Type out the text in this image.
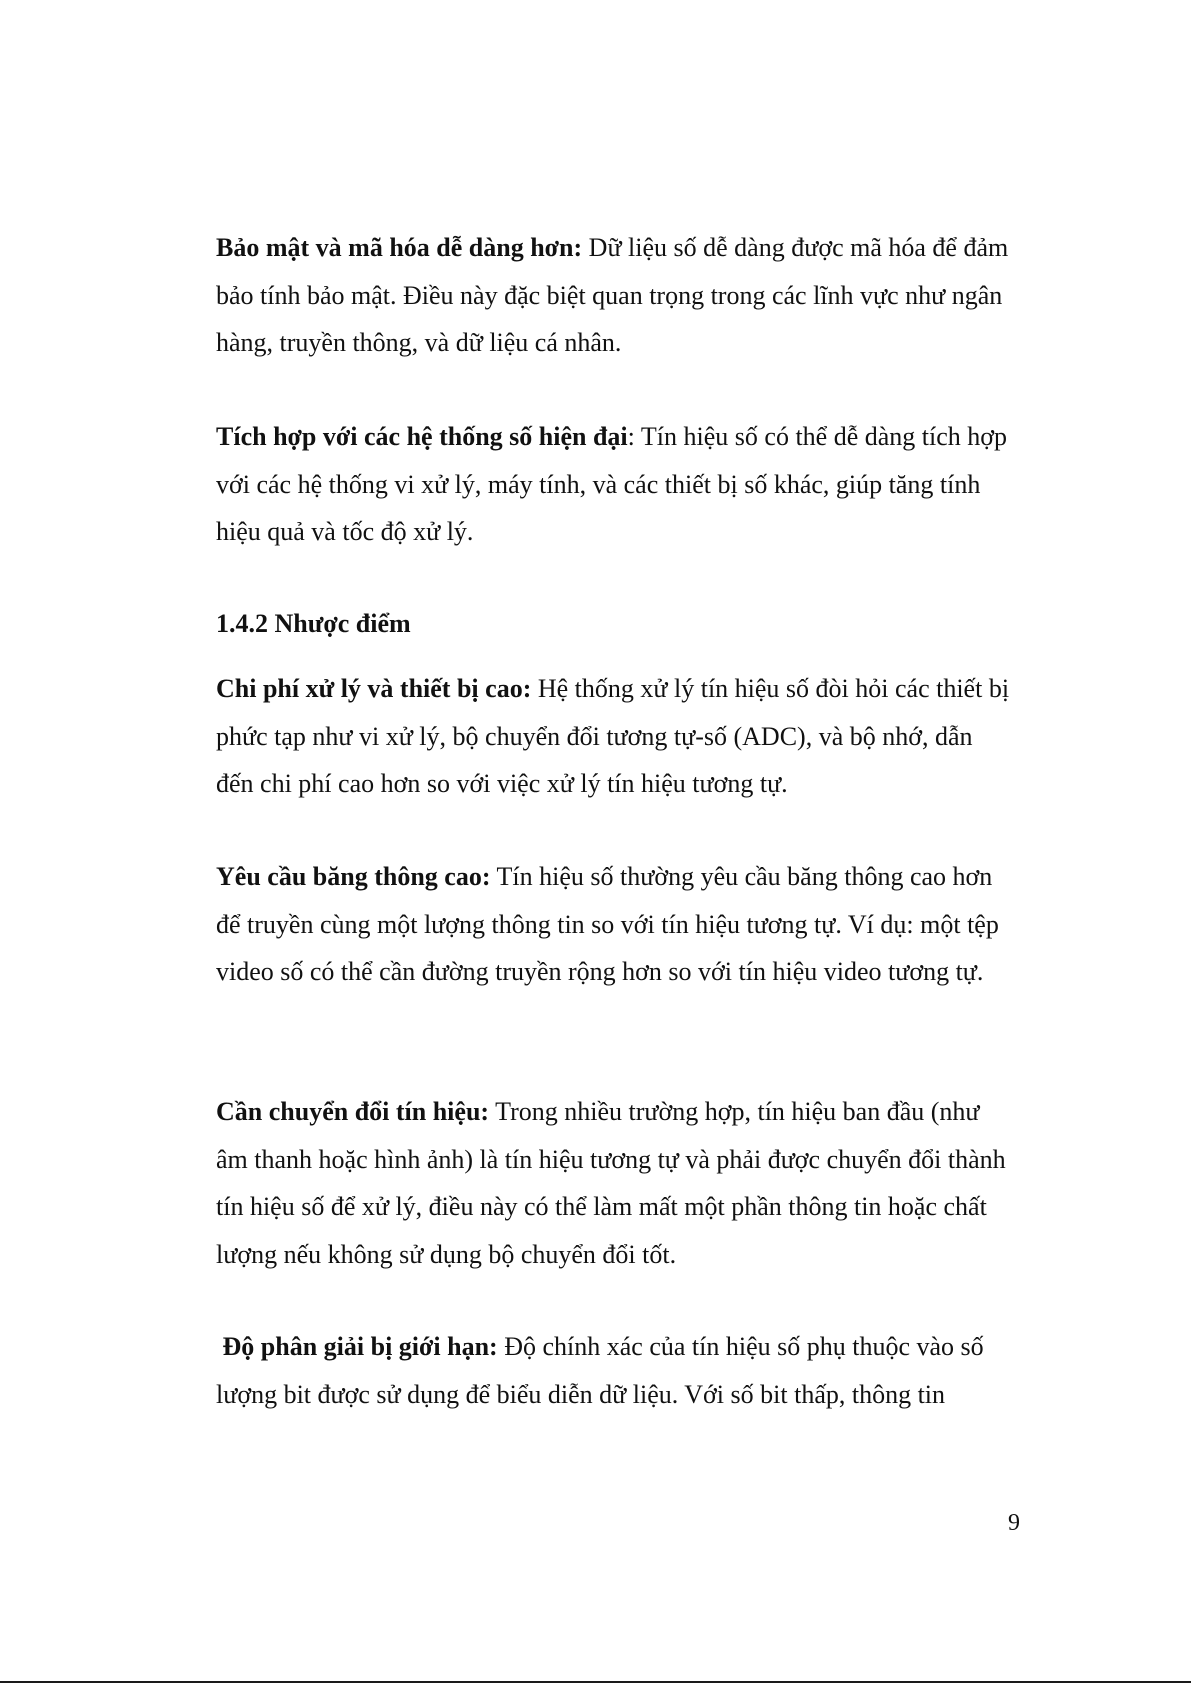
Bảo mật và mã hóa dễ dàng hơn: Dữ liệu số dễ dàng được mã hóa để đảm bảo tính bảo mật. Điều này đặc biệt quan trọng trong các lĩnh vực như ngân hàng, truyền thông, và dữ liệu cá nhân.

Tích hợp với các hệ thống số hiện đại: Tín hiệu số có thể dễ dàng tích hợp với các hệ thống vi xử lý, máy tính, và các thiết bị số khác, giúp tăng tính hiệu quả và tốc độ xử lý.

1.4.2 Nhược điểm

Chi phí xử lý và thiết bị cao: Hệ thống xử lý tín hiệu số đòi hỏi các thiết bị phức tạp như vi xử lý, bộ chuyển đổi tương tự-số (ADC), và bộ nhớ, dẫn đến chi phí cao hơn so với việc xử lý tín hiệu tương tự.

Yêu cầu băng thông cao: Tín hiệu số thường yêu cầu băng thông cao hơn để truyền cùng một lượng thông tin so với tín hiệu tương tự. Ví dụ: một tệp video số có thể cần đường truyền rộng hơn so với tín hiệu video tương tự.

Cần chuyển đổi tín hiệu: Trong nhiều trường hợp, tín hiệu ban đầu (như âm thanh hoặc hình ảnh) là tín hiệu tương tự và phải được chuyển đổi thành tín hiệu số để xử lý, điều này có thể làm mất một phần thông tin hoặc chất lượng nếu không sử dụng bộ chuyển đổi tốt.

Độ phân giải bị giới hạn: Độ chính xác của tín hiệu số phụ thuộc vào số lượng bit được sử dụng để biểu diễn dữ liệu. Với số bit thấp, thông tin

9
